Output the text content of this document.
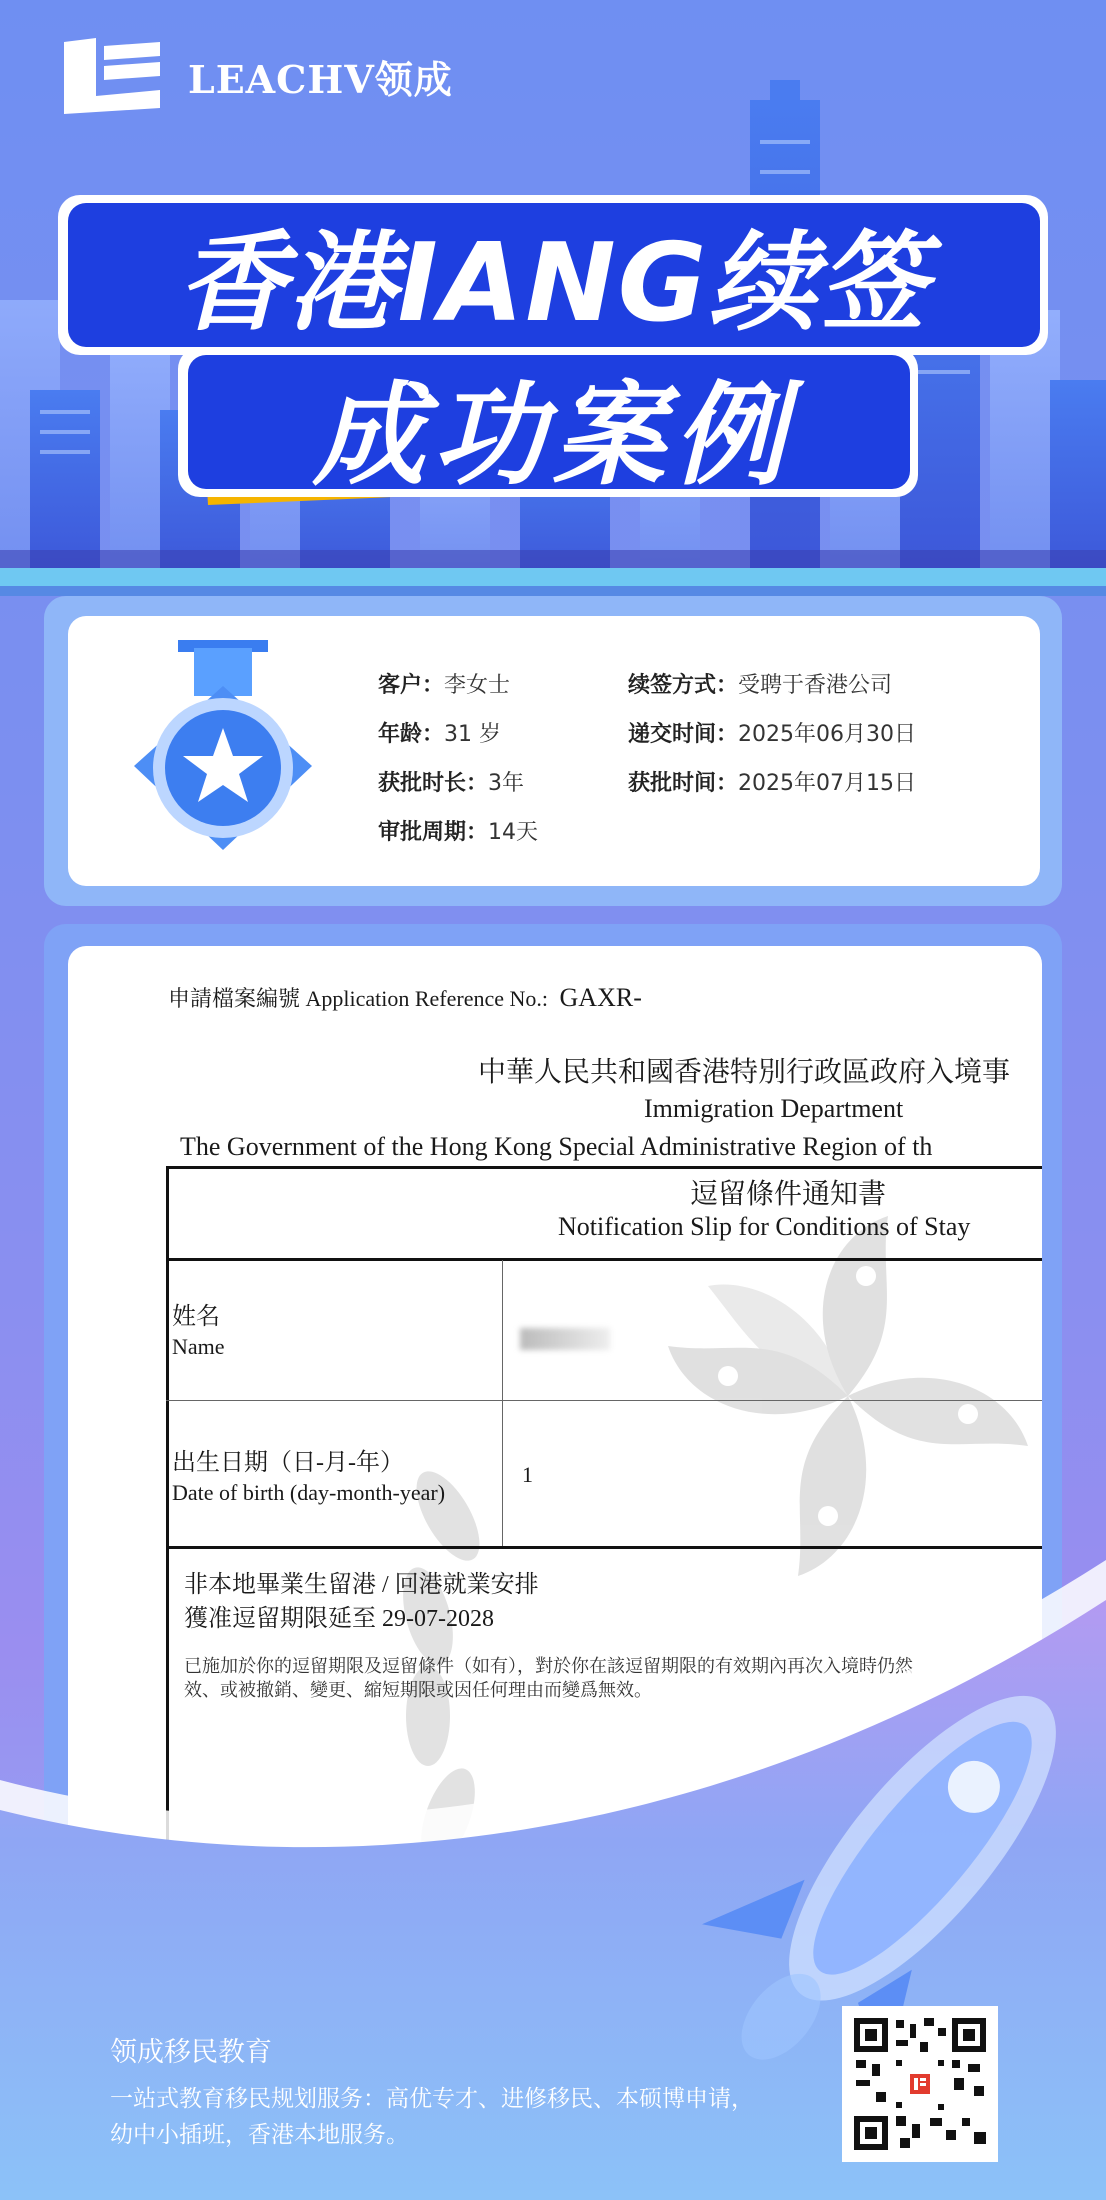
LEACHV领成
香港IANG续签
成功案例
客户：李女士
年龄：31 岁
获批时长：3年
审批周期：14天
续签方式：受聘于香港公司
递交时间：2025年06月30日
获批时间：2025年07月15日
申請檔案編號 Application Reference No.: GAXR-
中華人民共和國香港特別行政區政府入境事
Immigration Department
The Government of the Hong Kong Special Administrative Region of th
逗留條件通知書
Notification Slip for Conditions of Stay
姓名
Name
出生日期（日-月-年）
Date of birth (day-month-year)
1
非本地畢業生留港 / 回港就業安排
獲准逗留期限延至 29-07-2028
已施加於你的逗留期限及逗留條件（如有），對於你在該逗留期限的有效期內再次入境時仍然
效、或被撤銷、變更、縮短期限或因任何理由而變爲無效。
领成移民教育
一站式教育移民规划服务：高优专才、进修移民、本硕博申请，
幼中小插班，香港本地服务。
